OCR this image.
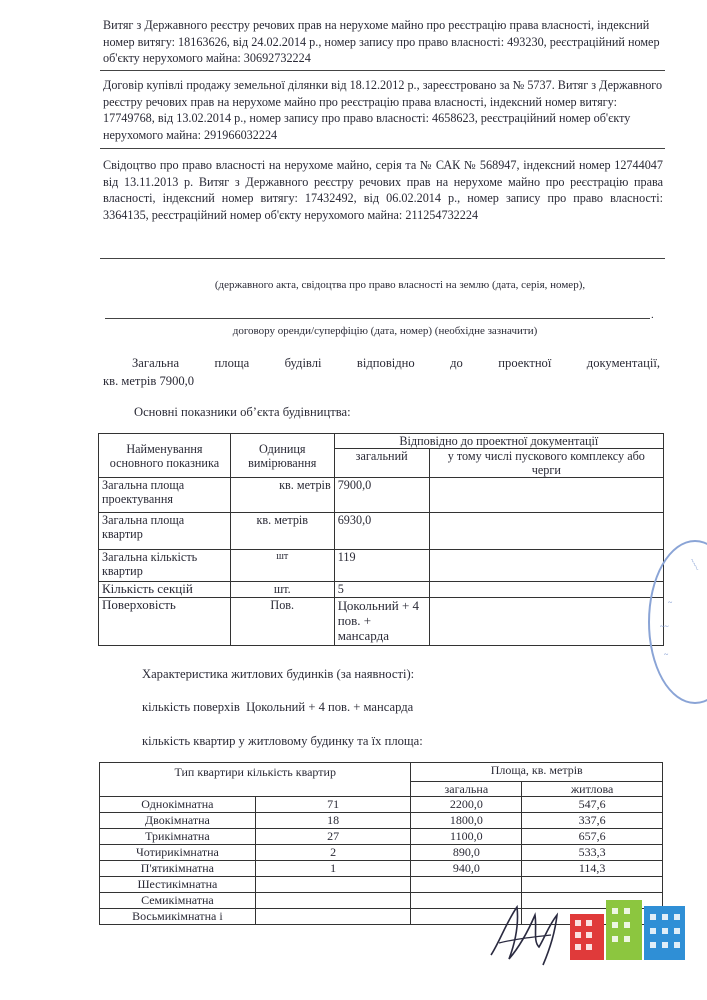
Витяг з Державного реєстру речових прав на нерухоме майно про реєстрацію права власності, індексний номер витягу: 18163626, від 24.02.2014 р., номер запису про право власності: 493230, реєстраційний номер об'єкту нерухомого майна: 30692732224
Договір купівлі продажу земельної ділянки від 18.12.2012 р., зареєстровано за № 5737. Витяг з Державного реєстру речових прав на нерухоме майно про реєстрацію права власності, індексний номер витягу: 17749768, від 13.02.2014 р., номер запису про право власності: 4658623, реєстраційний номер об'єкту нерухомого майна: 291966032224
Свідоцтво про право власності на нерухоме майно, серія та № САК № 568947, індексний номер 12744047 від 13.11.2013 р. Витяг з Державного реєстру речових прав на нерухоме майно про реєстрацію права власності, індексний номер витягу: 17432492, від 06.02.2014 р., номер запису про право власності: 3364135, реєстраційний номер об'єкту нерухомого майна: 211254732224
(державного акта, свідоцтва про право власності на землю (дата, серія, номер),
.
договору оренди/суперфіцію (дата, номер) (необхідне зазначити)
Загальна площа будівлі відповідно до проектної документації,
кв. метрів 7900,0
Основні показники об’єкта будівництва:
Найменування основного показника	Одиниця вимірювання	Відповідно до проектної документації	
		загальний	у тому числі пускового комплексу або черги
Загальна площа проектування	кв. метрів	7900,0	
Загальна площа квартир	кв. метрів	6930,0	
Загальна кількість квартир	шт	119	
Кількість секцій	шт.	5	
Поверховість	Пов.	Цокольний + 4 пов. + мансарда	
Характеристика житлових будинків (за наявності):
кількість поверхів  Цокольний + 4 пов. + мансарда
кількість квартир у житловому будинку та їх площа:
Тип квартири кількість квартир		Площа, кв. метрів	
		загальна	житлова
Однокімнатна	71	2200,0	547,6
Двокімнатна	18	1800,0	337,6
Трикімнатна	27	1100,0	657,6
Чотирикімнатна	2	890,0	533,3
П'ятикімнатна	1	940,0	114,3
Шестикімнатна			
Семикімнатна			
Восьмикімнатна і			
~~~
~
~~
~
